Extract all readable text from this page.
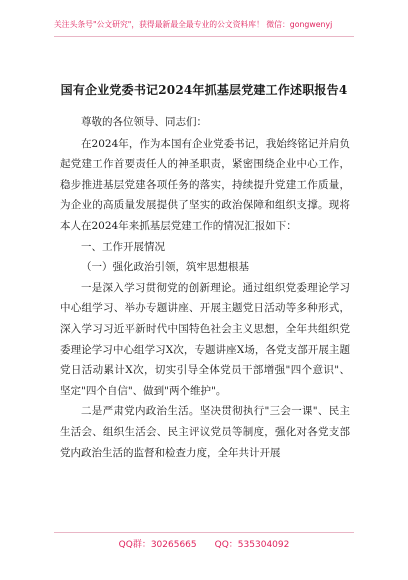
关注头条号"公文研究"，获得最新最全最专业的公文资料库！ 微信：gongwenyj
国有企业党委书记2024年抓基层党建工作述职报告4

尊敬的各位领导、同志们：

在2024年，作为本国有企业党委书记，我始终铭记并肩负起党建工作首要责任人的神圣职责，紧密围绕企业中心工作，稳步推进基层党建各项任务的落实，持续提升党建工作质量，为企业的高质量发展提供了坚实的政治保障和组织支撑。现将本人在2024年来抓基层党建工作的情况汇报如下：

一、工作开展情况

（一）强化政治引领，筑牢思想根基

一是深入学习贯彻党的创新理论。通过组织党委理论学习中心组学习、举办专题讲座、开展主题党日活动等多种形式，深入学习习近平新时代中国特色社会主义思想，全年共组织党委理论学习中心组学习X次，专题讲座X场，各党支部开展主题党日活动累计X次，切实引导全体党员干部增强"四个意识"、坚定"四个自信"、做到"两个维护"。

二是严肃党内政治生活。坚决贯彻执行"三会一课"、民主生活会、组织生活会、民主评议党员等制度，强化对各党支部党内政治生活的监督和检查力度，全年共计开展

QQ群：30265665 QQ：535304092
